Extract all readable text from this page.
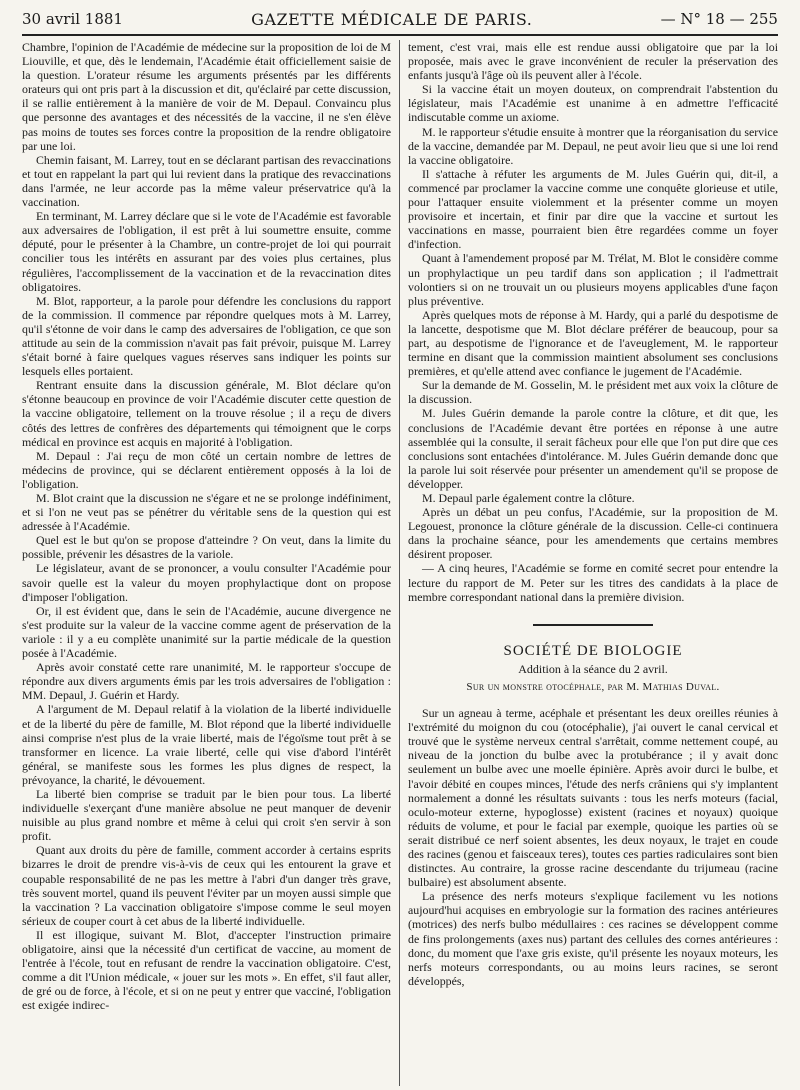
30 avril 1881	GAZETTE MÉDICALE DE PARIS.	— N° 18 — 255

Chambre, l'opinion de l'Académie de médecine sur la proposition de loi de M Liouville, et que, dès le lendemain, l'Académie était officiellement saisie de la question. L'orateur résume les arguments présentés par les différents orateurs qui ont pris part à la discussion et dit, qu'éclairé par cette discussion, il se rallie entièrement à la manière de voir de M. Depaul. Convaincu plus que personne des avantages et des nécessités de la vaccine, il ne s'en élève pas moins de toutes ses forces contre la proposition de la rendre obligatoire par une loi.

Chemin faisant, M. Larrey, tout en se déclarant partisan des revaccinations et tout en rappelant la part qui lui revient dans la pratique des revaccinations dans l'armée, ne leur accorde pas la même valeur préservatrice qu'à la vaccination.

En terminant, M. Larrey déclare que si le vote de l'Académie est favorable aux adversaires de l'obligation, il est prêt à lui soumettre ensuite, comme député, pour le présenter à la Chambre, un contre-projet de loi qui pourrait concilier tous les intérêts en assurant par des voies plus certaines, plus régulières, l'accomplissement de la vaccination et de la revaccination dites obligatoires.

M. Blot, rapporteur, a la parole pour défendre les conclusions du rapport de la commission. Il commence par répondre quelques mots à M. Larrey, qu'il s'étonne de voir dans le camp des adversaires de l'obligation, ce que son attitude au sein de la commission n'avait pas fait prévoir, puisque M. Larrey s'était borné à faire quelques vagues réserves sans indiquer les points sur lesquels elles portaient.

Rentrant ensuite dans la discussion générale, M. Blot déclare qu'on s'étonne beaucoup en province de voir l'Académie discuter cette question de la vaccine obligatoire, tellement on la trouve résolue ; il a reçu de divers côtés des lettres de confrères des départements qui témoignent que le corps médical en province est acquis en majorité à l'obligation.

M. Depaul : J'ai reçu de mon côté un certain nombre de lettres de médecins de province, qui se déclarent entièrement opposés à la loi de l'obligation.

M. Blot craint que la discussion ne s'égare et ne se prolonge indéfiniment, et si l'on ne veut pas se pénétrer du véritable sens de la question qui est adressée à l'Académie.

Quel est le but qu'on se propose d'atteindre ? On veut, dans la limite du possible, prévenir les désastres de la variole.

Le législateur, avant de se prononcer, a voulu consulter l'Académie pour savoir quelle est la valeur du moyen prophylactique dont on propose d'imposer l'obligation.

Or, il est évident que, dans le sein de l'Académie, aucune divergence ne s'est produite sur la valeur de la vaccine comme agent de préservation de la variole : il y a eu complète unanimité sur la partie médicale de la question posée à l'Académie.

Après avoir constaté cette rare unanimité, M. le rapporteur s'occupe de répondre aux divers arguments émis par les trois adversaires de l'obligation : MM. Depaul, J. Guérin et Hardy.

A l'argument de M. Depaul relatif à la violation de la liberté individuelle et de la liberté du père de famille, M. Blot répond que la liberté individuelle ainsi comprise n'est plus de la vraie liberté, mais de l'égoïsme tout prêt à se transformer en licence. La vraie liberté, celle qui vise d'abord l'intérêt général, se manifeste sous les formes les plus dignes de respect, la prévoyance, la charité, le dévouement.

La liberté bien comprise se traduit par le bien pour tous. La liberté individuelle s'exerçant d'une manière absolue ne peut manquer de devenir nuisible au plus grand nombre et même à celui qui croit s'en servir à son profit.

Quant aux droits du père de famille, comment accorder à certains esprits bizarres le droit de prendre vis-à-vis de ceux qui les entourent la grave et coupable responsabilité de ne pas les mettre à l'abri d'un danger très grave, très souvent mortel, quand ils peuvent l'éviter par un moyen aussi simple que la vaccination ? La vaccination obligatoire s'impose comme le seul moyen sérieux de couper court à cet abus de la liberté individuelle.

Il est illogique, suivant M. Blot, d'accepter l'instruction primaire obligatoire, ainsi que la nécessité d'un certificat de vaccine, au moment de l'entrée à l'école, tout en refusant de rendre la vaccination obligatoire. C'est, comme a dit l'Union médicale, « jouer sur les mots ». En effet, s'il faut aller, de gré ou de force, à l'école, et si on ne peut y entrer que vacciné, l'obligation est exigée indirec-

tement, c'est vrai, mais elle est rendue aussi obligatoire que par la loi proposée, mais avec le grave inconvénient de reculer la préservation des enfants jusqu'à l'âge où ils peuvent aller à l'école.

Si la vaccine était un moyen douteux, on comprendrait l'abstention du législateur, mais l'Académie est unanime à en admettre l'efficacité indiscutable comme un axiome.

M. le rapporteur s'étudie ensuite à montrer que la réorganisation du service de la vaccine, demandée par M. Depaul, ne peut avoir lieu que si une loi rend la vaccine obligatoire.

Il s'attache à réfuter les arguments de M. Jules Guérin qui, dit-il, a commencé par proclamer la vaccine comme une conquête glorieuse et utile, pour l'attaquer ensuite violemment et la présenter comme un moyen provisoire et incertain, et finir par dire que la vaccine et surtout les vaccinations en masse, pourraient bien être regardées comme un foyer d'infection.

Quant à l'amendement proposé par M. Trélat, M. Blot le considère comme un prophylactique un peu tardif dans son application ; il l'admettrait volontiers si on ne trouvait un ou plusieurs moyens applicables d'une façon plus préventive.

Après quelques mots de réponse à M. Hardy, qui a parlé du despotisme de la lancette, despotisme que M. Blot déclare préférer de beaucoup, pour sa part, au despotisme de l'ignorance et de l'aveuglement, M. le rapporteur termine en disant que la commission maintient absolument ses conclusions premières, et qu'elle attend avec confiance le jugement de l'Académie.

Sur la demande de M. Gosselin, M. le président met aux voix la clôture de la discussion.

M. Jules Guérin demande la parole contre la clôture, et dit que, les conclusions de l'Académie devant être portées en réponse à une autre assemblée qui la consulte, il serait fâcheux pour elle que l'on put dire que ces conclusions sont entachées d'intolérance. M. Jules Guérin demande donc que la parole lui soit réservée pour présenter un amendement qu'il se propose de développer.

M. Depaul parle également contre la clôture.

Après un débat un peu confus, l'Académie, sur la proposition de M. Legouest, prononce la clôture générale de la discussion. Celle-ci continuera dans la prochaine séance, pour les amendements que certains membres désirent proposer.

— A cinq heures, l'Académie se forme en comité secret pour entendre la lecture du rapport de M. Peter sur les titres des candidats à la place de membre correspondant national dans la première division.

SOCIÉTÉ DE BIOLOGIE
Addition à la séance du 2 avril.
Sur un monstre otocéphale, par M. Mathias Duval.

Sur un agneau à terme, acéphale et présentant les deux oreilles réunies à l'extrémité du moignon du cou (otocéphalie), j'ai ouvert le canal cervical et trouvé que le système nerveux central s'arrêtait, comme nettement coupé, au niveau de la jonction du bulbe avec la protubérance ; il y avait donc seulement un bulbe avec une moelle épinière. Après avoir durci le bulbe, et l'avoir débité en coupes minces, l'étude des nerfs crâniens qui s'y implantent normalement a donné les résultats suivants : tous les nerfs moteurs (facial, oculo-moteur externe, hypoglosse) existent (racines et noyaux) quoique réduits de volume, et pour le facial par exemple, quoique les parties où se serait distribué ce nerf soient absentes, les deux noyaux, le trajet en coude des racines (genou et faisceaux teres), toutes ces parties radiculaires sont bien distinctes. Au contraire, la grosse racine descendante du trijumeau (racine bulbaire) est absolument absente.

La présence des nerfs moteurs s'explique facilement vu les notions aujourd'hui acquises en embryologie sur la formation des racines antérieures (motrices) des nerfs bulbo médullaires : ces racines se développent comme de fins prolongements (axes nus) partant des cellules des cornes antérieures : donc, du moment que l'axe gris existe, qu'il présente les noyaux moteurs, les nerfs moteurs correspondants, ou au moins leurs racines, se seront développés,
